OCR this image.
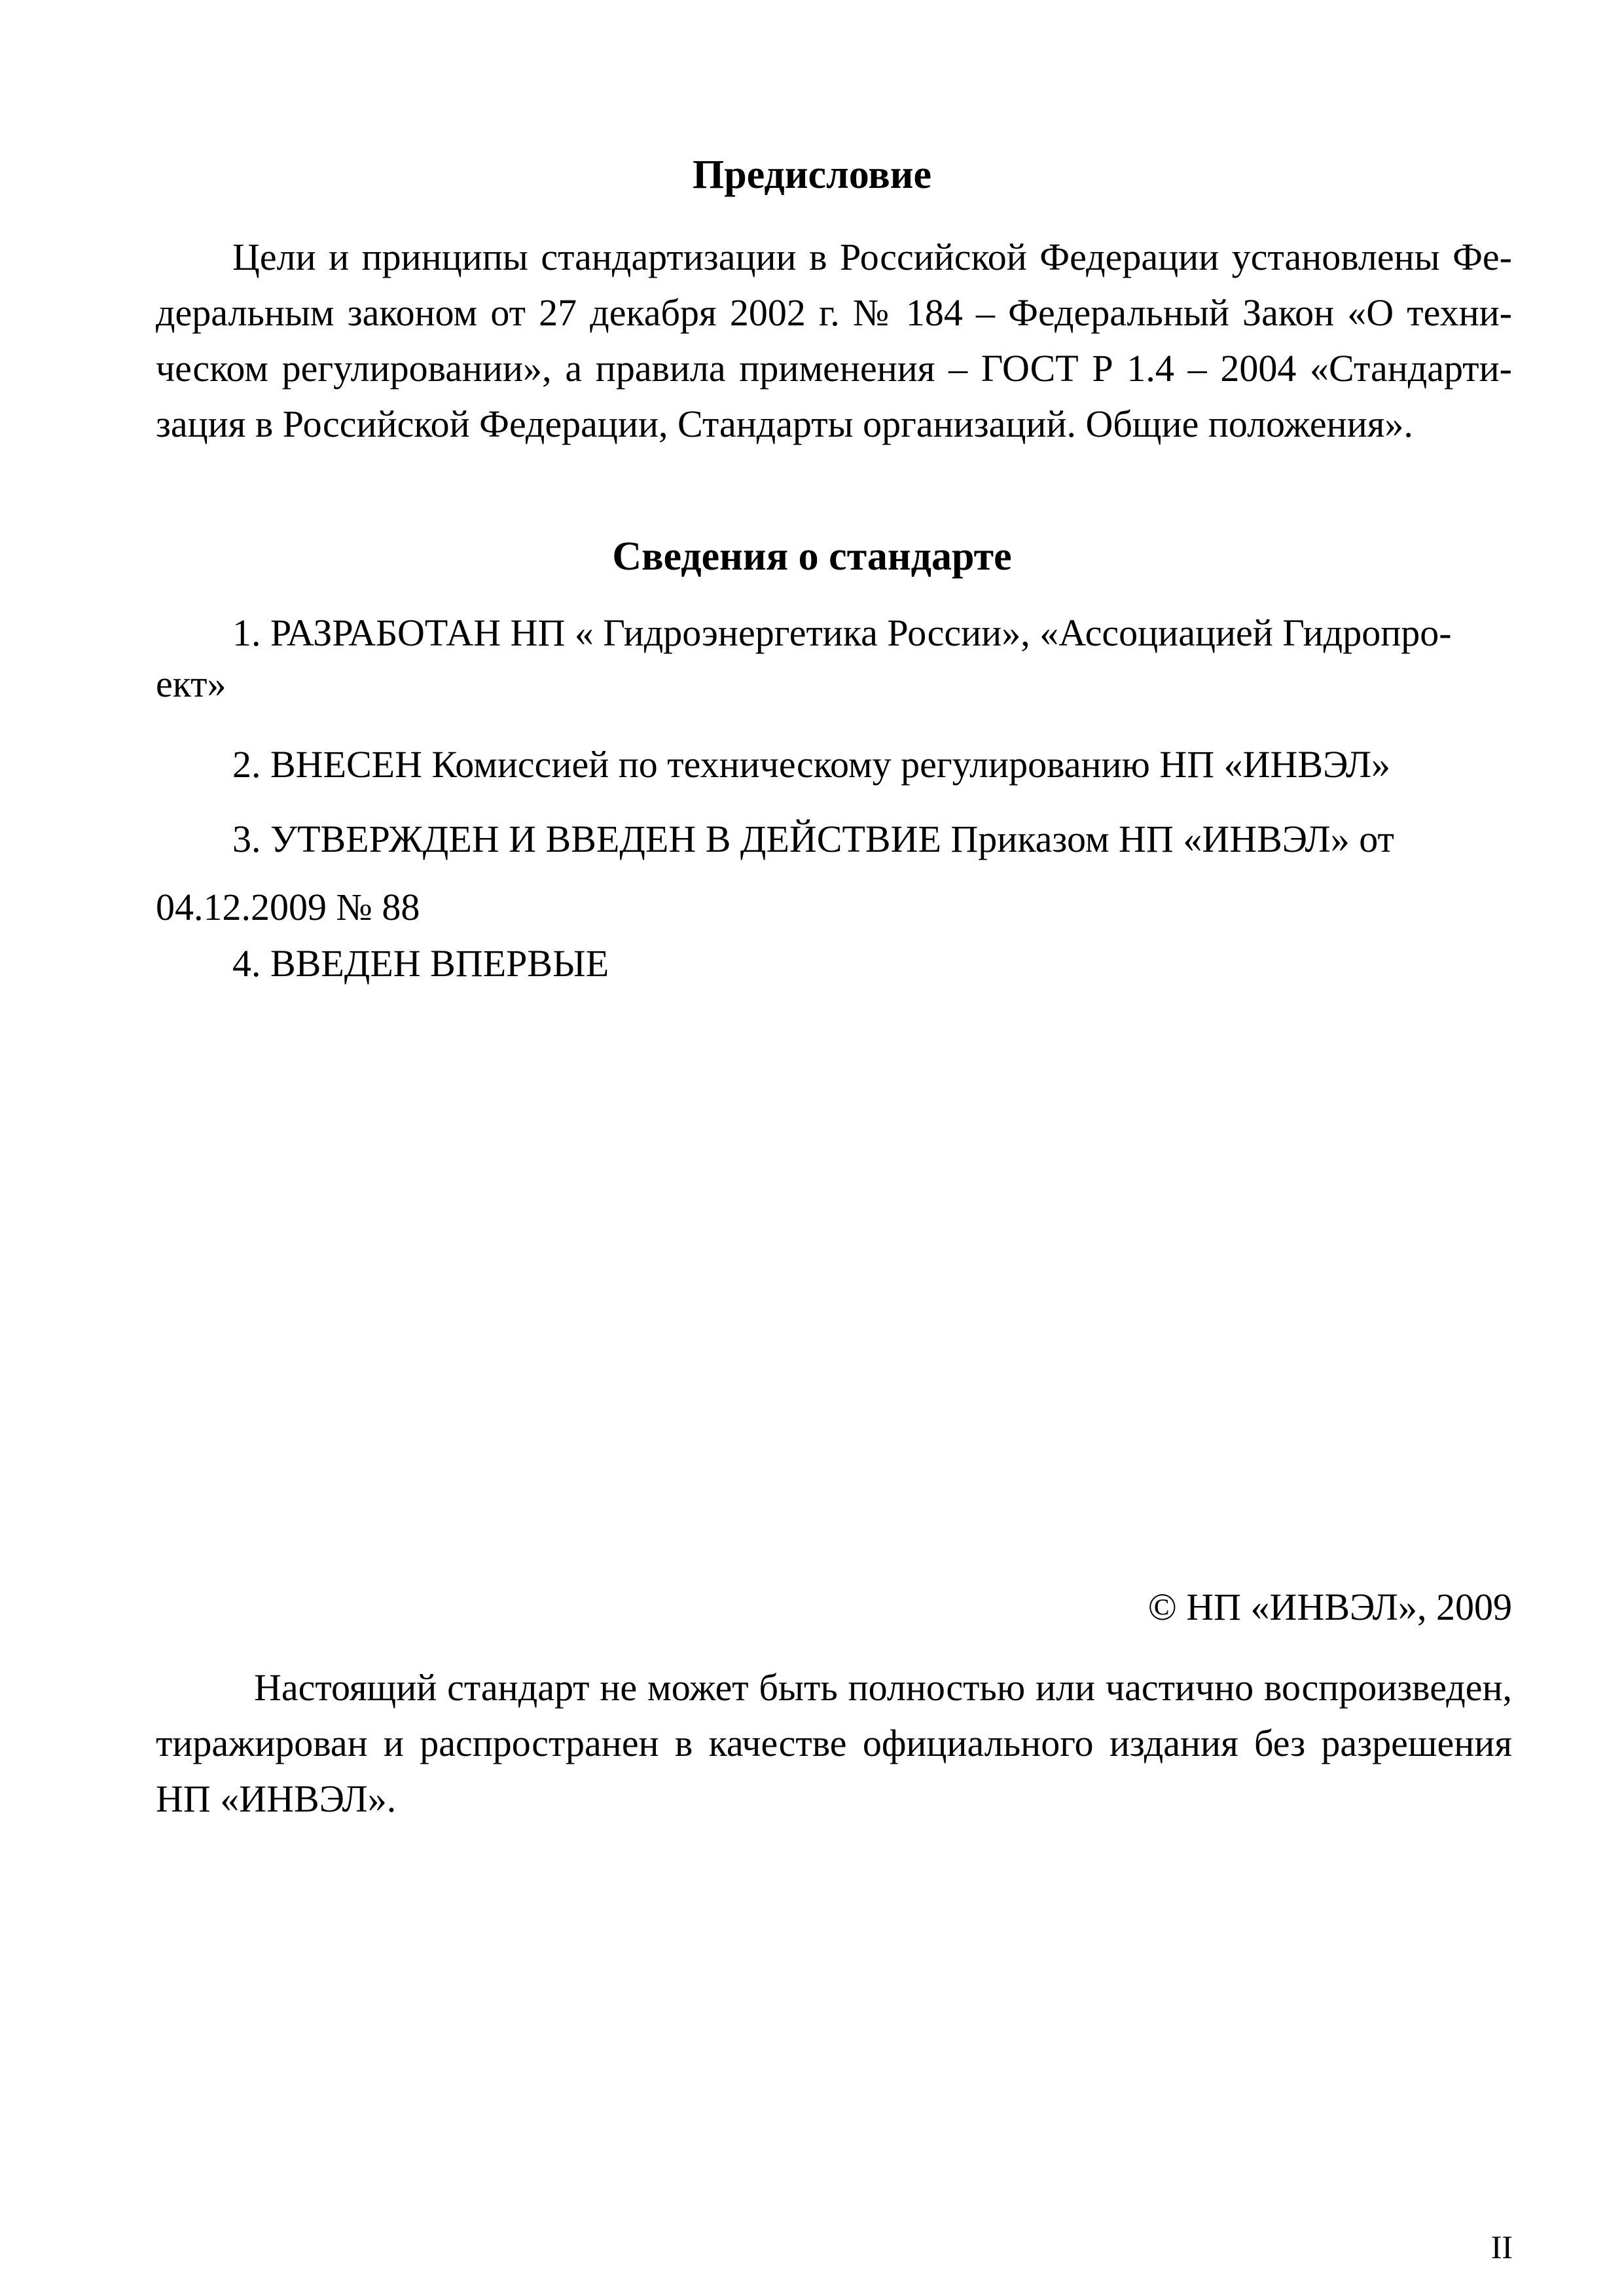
Предисловие

Цели и принципы стандартизации в Российской Федерации установлены Федеральным законом от 27 декабря 2002 г. № 184 – Федеральный Закон «О техническом регулировании», а правила применения – ГОСТ Р 1.4 – 2004 «Стандартизация в Российской Федерации, Стандарты организаций. Общие положения».

Сведения о стандарте

1. РАЗРАБОТАН НП « Гидроэнергетика России», «Ассоциацией Гидропроект»

2. ВНЕСЕН Комиссией по техническому регулированию НП «ИНВЭЛ»

3. УТВЕРЖДЕН И ВВЕДЕН В ДЕЙСТВИЕ Приказом НП «ИНВЭЛ» от 04.12.2009 № 88

4. ВВЕДЕН ВПЕРВЫЕ

© НП «ИНВЭЛ», 2009

Настоящий стандарт не может быть полностью или частично воспроизведен, тиражирован и распространен в качестве официального издания без разрешения НП «ИНВЭЛ».

II
